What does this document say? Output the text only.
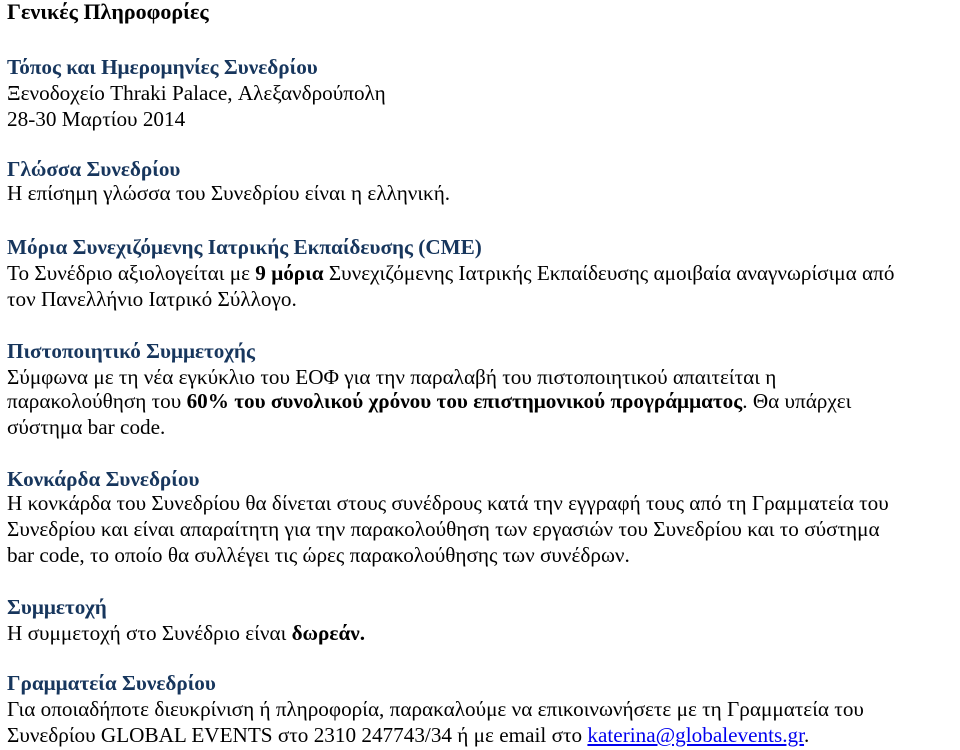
Γενικές Πληροφορίες
Τόπος και Ημερομηνίες Συνεδρίου
Ξενοδοχείο Thraki Palace, Αλεξανδρούπολη
28-30 Μαρτίου 2014
Γλώσσα Συνεδρίου
Η επίσημη γλώσσα του Συνεδρίου είναι η ελληνική.
Μόρια Συνεχιζόμενης Ιατρικής Εκπαίδευσης (CME)
Το Συνέδριο αξιολογείται με 9 μόρια Συνεχιζόμενης Ιατρικής Εκπαίδευσης αμοιβαία αναγνωρίσιμα από
τον Πανελλήνιο Ιατρικό Σύλλογο.
Πιστοποιητικό Συμμετοχής
Σύμφωνα με τη νέα εγκύκλιο του ΕΟΦ για την παραλαβή του πιστοποιητικού απαιτείται η
παρακολούθηση του 60% του συνολικού χρόνου του επιστημονικού προγράμματος. Θα υπάρχει
σύστημα bar code.
Κονκάρδα Συνεδρίου
Η κονκάρδα του Συνεδρίου θα δίνεται στους συνέδρους κατά την εγγραφή τους από τη Γραμματεία του
Συνεδρίου και είναι απαραίτητη για την παρακολούθηση των εργασιών του Συνεδρίου και το σύστημα
bar code, το οποίο θα συλλέγει τις ώρες παρακολούθησης των συνέδρων.
Συμμετοχή
Η συμμετοχή στο Συνέδριο είναι δωρεάν.
Γραμματεία Συνεδρίου
Για οποιαδήποτε διευκρίνιση ή πληροφορία, παρακαλούμε να επικοινωνήσετε με τη Γραμματεία του
Συνεδρίου GLOBAL EVENTS στο 2310 247743/34 ή με email στο katerina@globalevents.gr.
